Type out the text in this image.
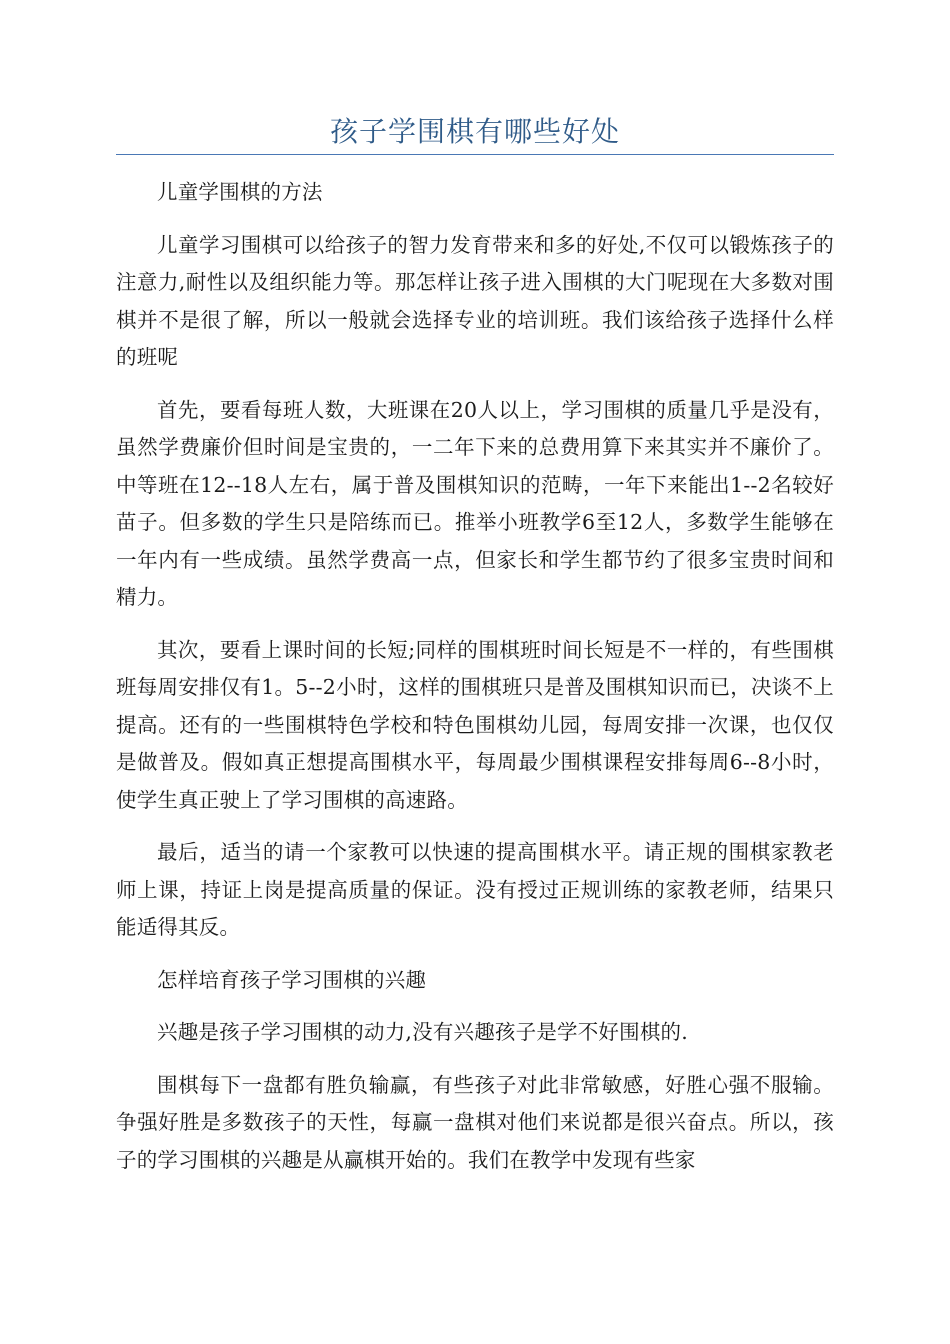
孩子学围棋有哪些好处

儿童学围棋的方法

儿童学习围棋可以给孩子的智力发育带来和多的好处,不仅可以锻炼孩子的注意力,耐性以及组织能力等。那怎样让孩子进入围棋的大门呢现在大多数对围棋并不是很了解，所以一般就会选择专业的培训班。我们该给孩子选择什么样的班呢

首先，要看每班人数，大班课在20人以上，学习围棋的质量几乎是没有，虽然学费廉价但时间是宝贵的，一二年下来的总费用算下来其实并不廉价了。中等班在12--18人左右，属于普及围棋知识的范畴，一年下来能出1--2名较好苗子。但多数的学生只是陪练而已。推举小班教学6至12人，多数学生能够在一年内有一些成绩。虽然学费高一点，但家长和学生都节约了很多宝贵时间和精力。

其次，要看上课时间的长短;同样的围棋班时间长短是不一样的，有些围棋班每周安排仅有1。5--2小时，这样的围棋班只是普及围棋知识而已，决谈不上提高。还有的一些围棋特色学校和特色围棋幼儿园，每周安排一次课，也仅仅是做普及。假如真正想提高围棋水平，每周最少围棋课程安排每周6--8小时，使学生真正驶上了学习围棋的高速路。

最后，适当的请一个家教可以快速的提高围棋水平。请正规的围棋家教老师上课，持证上岗是提高质量的保证。没有授过正规训练的家教老师，结果只能适得其反。

怎样培育孩子学习围棋的兴趣

兴趣是孩子学习围棋的动力,没有兴趣孩子是学不好围棋的.

围棋每下一盘都有胜负输赢，有些孩子对此非常敏感，好胜心强不服输。争强好胜是多数孩子的天性，每赢一盘棋对他们来说都是很兴奋点。所以，孩子的学习围棋的兴趣是从赢棋开始的。我们在教学中发现有些家
